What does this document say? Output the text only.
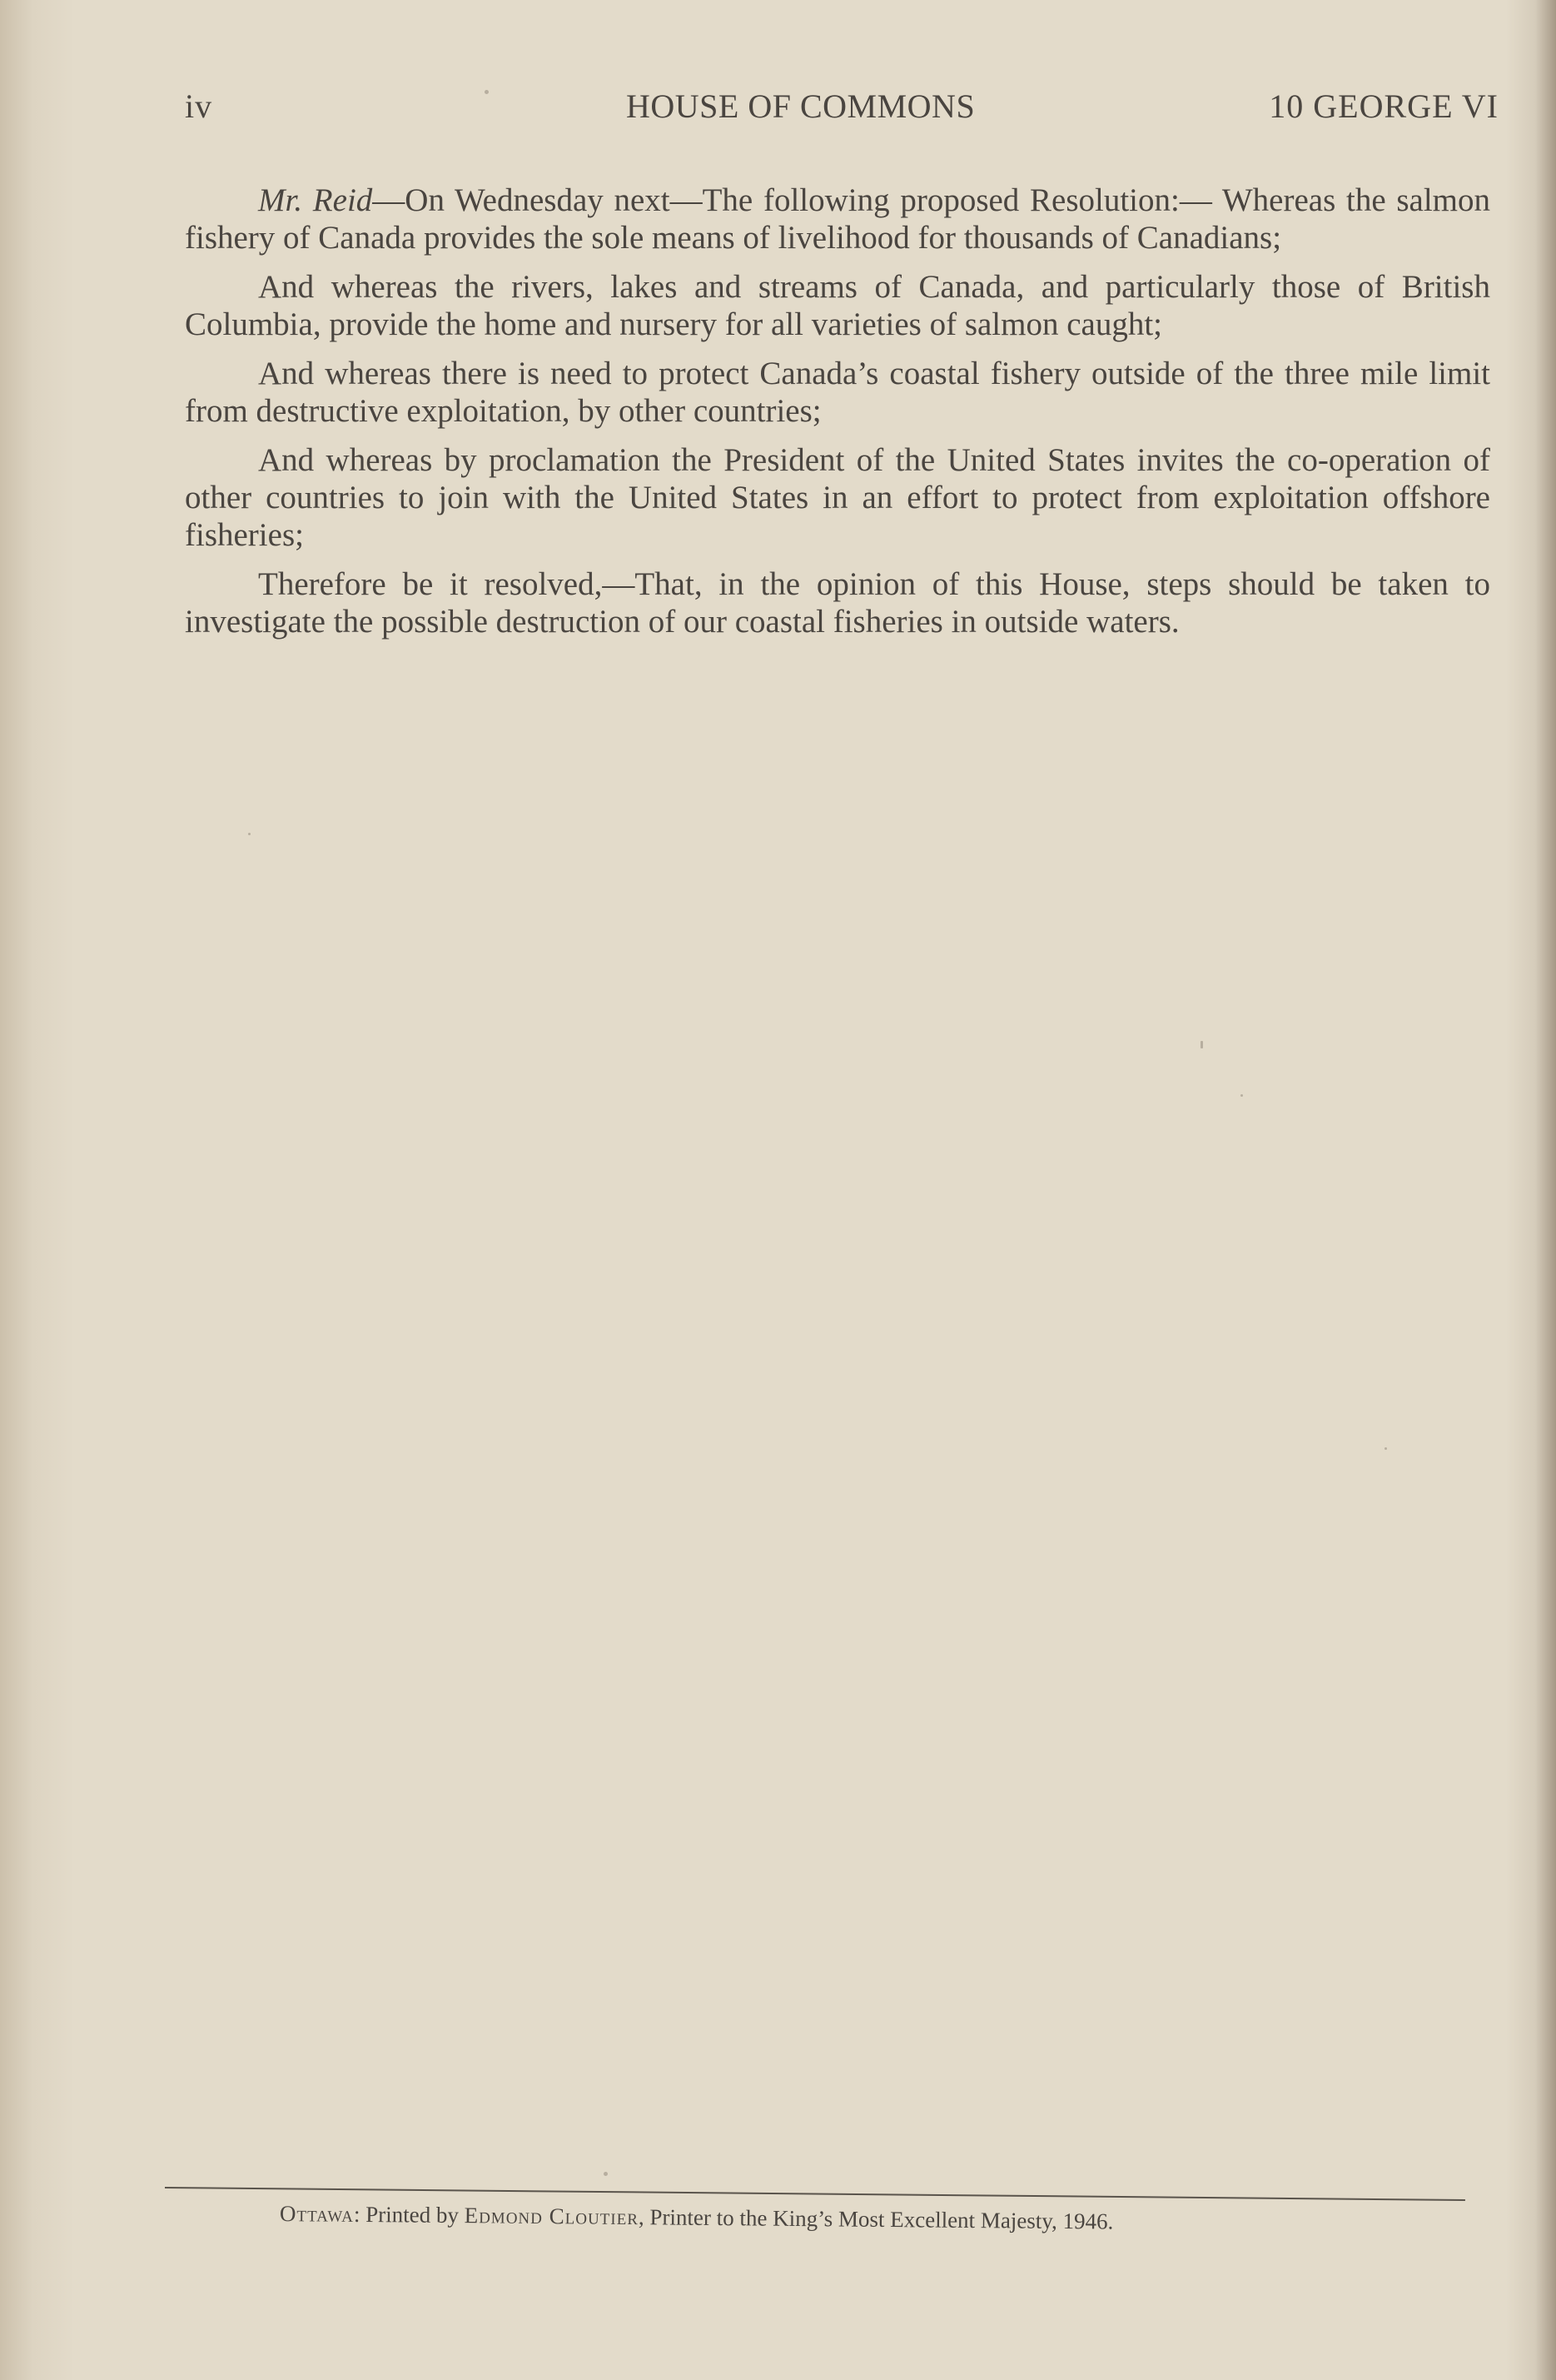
iv	HOUSE OF COMMONS	10 GEORGE VI

Mr. Reid—On Wednesday next—The following proposed Resolution:— Whereas the salmon fishery of Canada provides the sole means of livelihood for thousands of Canadians;

And whereas the rivers, lakes and streams of Canada, and particularly those of British Columbia, provide the home and nursery for all varieties of salmon caught;

And whereas there is need to protect Canada’s coastal fishery outside of the three mile limit from destructive exploitation, by other countries;

And whereas by proclamation the President of the United States invites the co-operation of other countries to join with the United States in an effort to protect from exploitation offshore fisheries;

Therefore be it resolved,—That, in the opinion of this House, steps should be taken to investigate the possible destruction of our coastal fisheries in outside waters.

Ottawa: Printed by Edmond Cloutier, Printer to the King’s Most Excellent Majesty, 1946.
